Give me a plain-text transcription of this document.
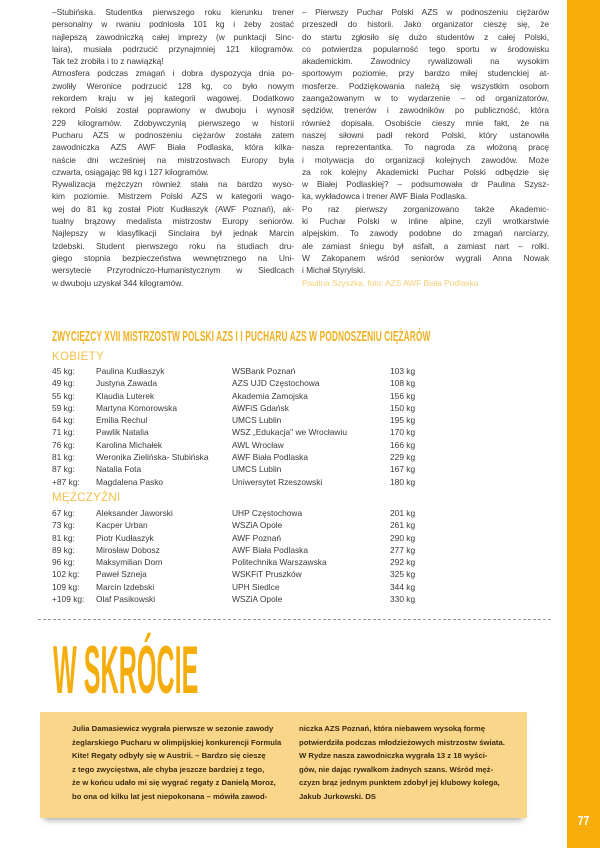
–Stubińska. Studentka pierwszego roku kierunku trener
personalny w rwaniu podniosła 101 kg i żeby zostać
najlepszą zawodniczką całej imprezy (w punktacji Sinc-
laira), musiała podrzucić przynajmniej 121 kilogramów.
Tak też zrobiła i to z nawiązką!
Atmosfera podczas zmagań i dobra dyspozycja dnia po-
zwoliły Weronice podrzucić 128 kg, co było nowym
rekordem kraju w jej kategorii wagowej. Dodatkowo
rekord Polski został poprawiony w dwuboju i wynosił
229 kilogramów. Zdobywczynią pierwszego w historii
Pucharu AZS w podnoszeniu ciężarów została zatem
zawodniczka AZS AWF Biała Podlaska, która kilka-
naście dni wcześniej na mistrzostwach Europy była
czwarta, osiągając 98 kg i 127 kilogramów.
Rywalizacja mężczyzn również stała na bardzo wyso-
kim poziomie. Mistrzem Polski AZS w kategorii wago-
wej do 81 kg został Piotr Kudłaszyk (AWF Poznań), ak-
tualny brązowy medalista mistrzostw Europy seniorów.
Najlepszy w klasyfikacji Sinclaira był jednak Marcin
Izdebski. Student pierwszego roku na studiach dru-
giego stopnia bezpieczeństwa wewnętrznego na Uni-
wersytecie Przyrodniczo-Humanistycznym w Siedlcach
w dwuboju uzyskał 344 kilogramów.
– Pierwszy Puchar Polski AZS w podnoszeniu ciężarów
przeszedł do historii. Jako organizator cieszę się, że
do startu zgłosiło się dużo studentów z całej Polski,
co potwierdza popularność tego sportu w środowisku
akademickim. Zawodnicy rywalizowali na wysokim
sportowym poziomie, przy bardzo miłej studenckiej at-
mosferze. Podziękowania należą się wszystkim osobom
zaangażowanym w to wydarzenie – od organizatorów,
sędziów, trenerów i zawodników po publiczność, która
również dopisała. Osobiście cieszy mnie fakt, że na
naszej siłowni padł rekord Polski, który ustanowiła
nasza reprezentantka. To nagroda za włożoną pracę
i motywacja do organizacji kolejnych zawodów. Może
za rok kolejny Akademicki Puchar Polski odbędzie się
w Białej Podlaskiej? – podsumowała dr Paulina Szysz-
ka, wykładowca i trener AWF Biała Podlaska.
Po raz pierwszy zorganizowano także Akademic-
ki Puchar Polski w inline alpine, czyli wrotkarstwie
alpejskim. To zawody podobne do zmagań narciarzy,
ale zamiast śniegu był asfalt, a zamiast nart – rolki.
W Zakopanem wśród seniorów wygrali Anna Nowak
i Michał Styrylski.
Paulina Szyszka, foto: AZS AWF Biała Podlaska
ZWYCIĘZCY XVII MISTRZOSTW POLSKI AZS I I PUCHARU AZS W PODNOSZENIU CIĘŻARÓW
KOBIETY
45 kg:	Paulina Kudłaszyk	WSBank Poznań	103 kg
49 kg:	Justyna Zawada	AZS UJD Częstochowa	108 kg
55 kg:	Klaudia Luterek	Akademia Zamojska	156 kg
59 kg:	Martyna Komorowska	AWFiS Gdańsk	150 kg
64 kg:	Emilia Rechul	UMCS Lublin	195 kg
71 kg:	Pawlik Natalia	WSZ „Edukacja" we Wrocławiu	170 kg
76 kg:	Karolina Michałek	AWL Wrocław	166 kg
81 kg:	Weronika Zielińska- Stubińska	AWF Biała Podlaska	229 kg
87 kg:	Natalia Fota	UMCS Lublin	167 kg
+87 kg: Magdalena Pasko	Uniwersytet Rzeszowski	180 kg
MĘŻCZYŹNI
67 kg:	Aleksander Jaworski	UHP Częstochowa	201 kg
73 kg:	Kacper Urban	WSZiA Opole	261 kg
81 kg:	Piotr Kudłaszyk	AWF Poznań	290 kg
89 kg:	Mirosław Dobosz	AWF Biała Podlaska	277 kg
96 kg:	Maksymilian Dorn	Politechnika Warszawska	292 kg
102 kg: Paweł Szneja	WSKFiT Pruszków	325 kg
109 kg: Marcin Izdebski	UPH Siedlce	344 kg
+109 kg: Olaf Pasikowski	WSZiA Opole	330 kg
W SKRÓCIE
Julia Damasiewicz wygrała pierwsze w sezonie zawody
żeglarskiego Pucharu w olimpijskiej konkurencji Formula
Kite! Regaty odbyły się w Austrii. – Bardzo się cieszę
z tego zwycięstwa, ale chyba jeszcze bardziej z tego,
że w końcu udało mi się wygrać regaty z Danielą Moroz,
bo ona od kilku lat jest niepokonana – mówiła zawod-
niczka AZS Poznań, która niebawem wysoką formę
potwierdziła podczas młodzieżowych mistrzostw świata.
W Rydze nasza zawodniczka wygrała 13 z 18 wyści-
gów, nie dając rywalkom żadnych szans. Wśród męż-
czyzn brąz jednym punktem zdobył jej klubowy kolega,
Jakub Jurkowski. DS
77
